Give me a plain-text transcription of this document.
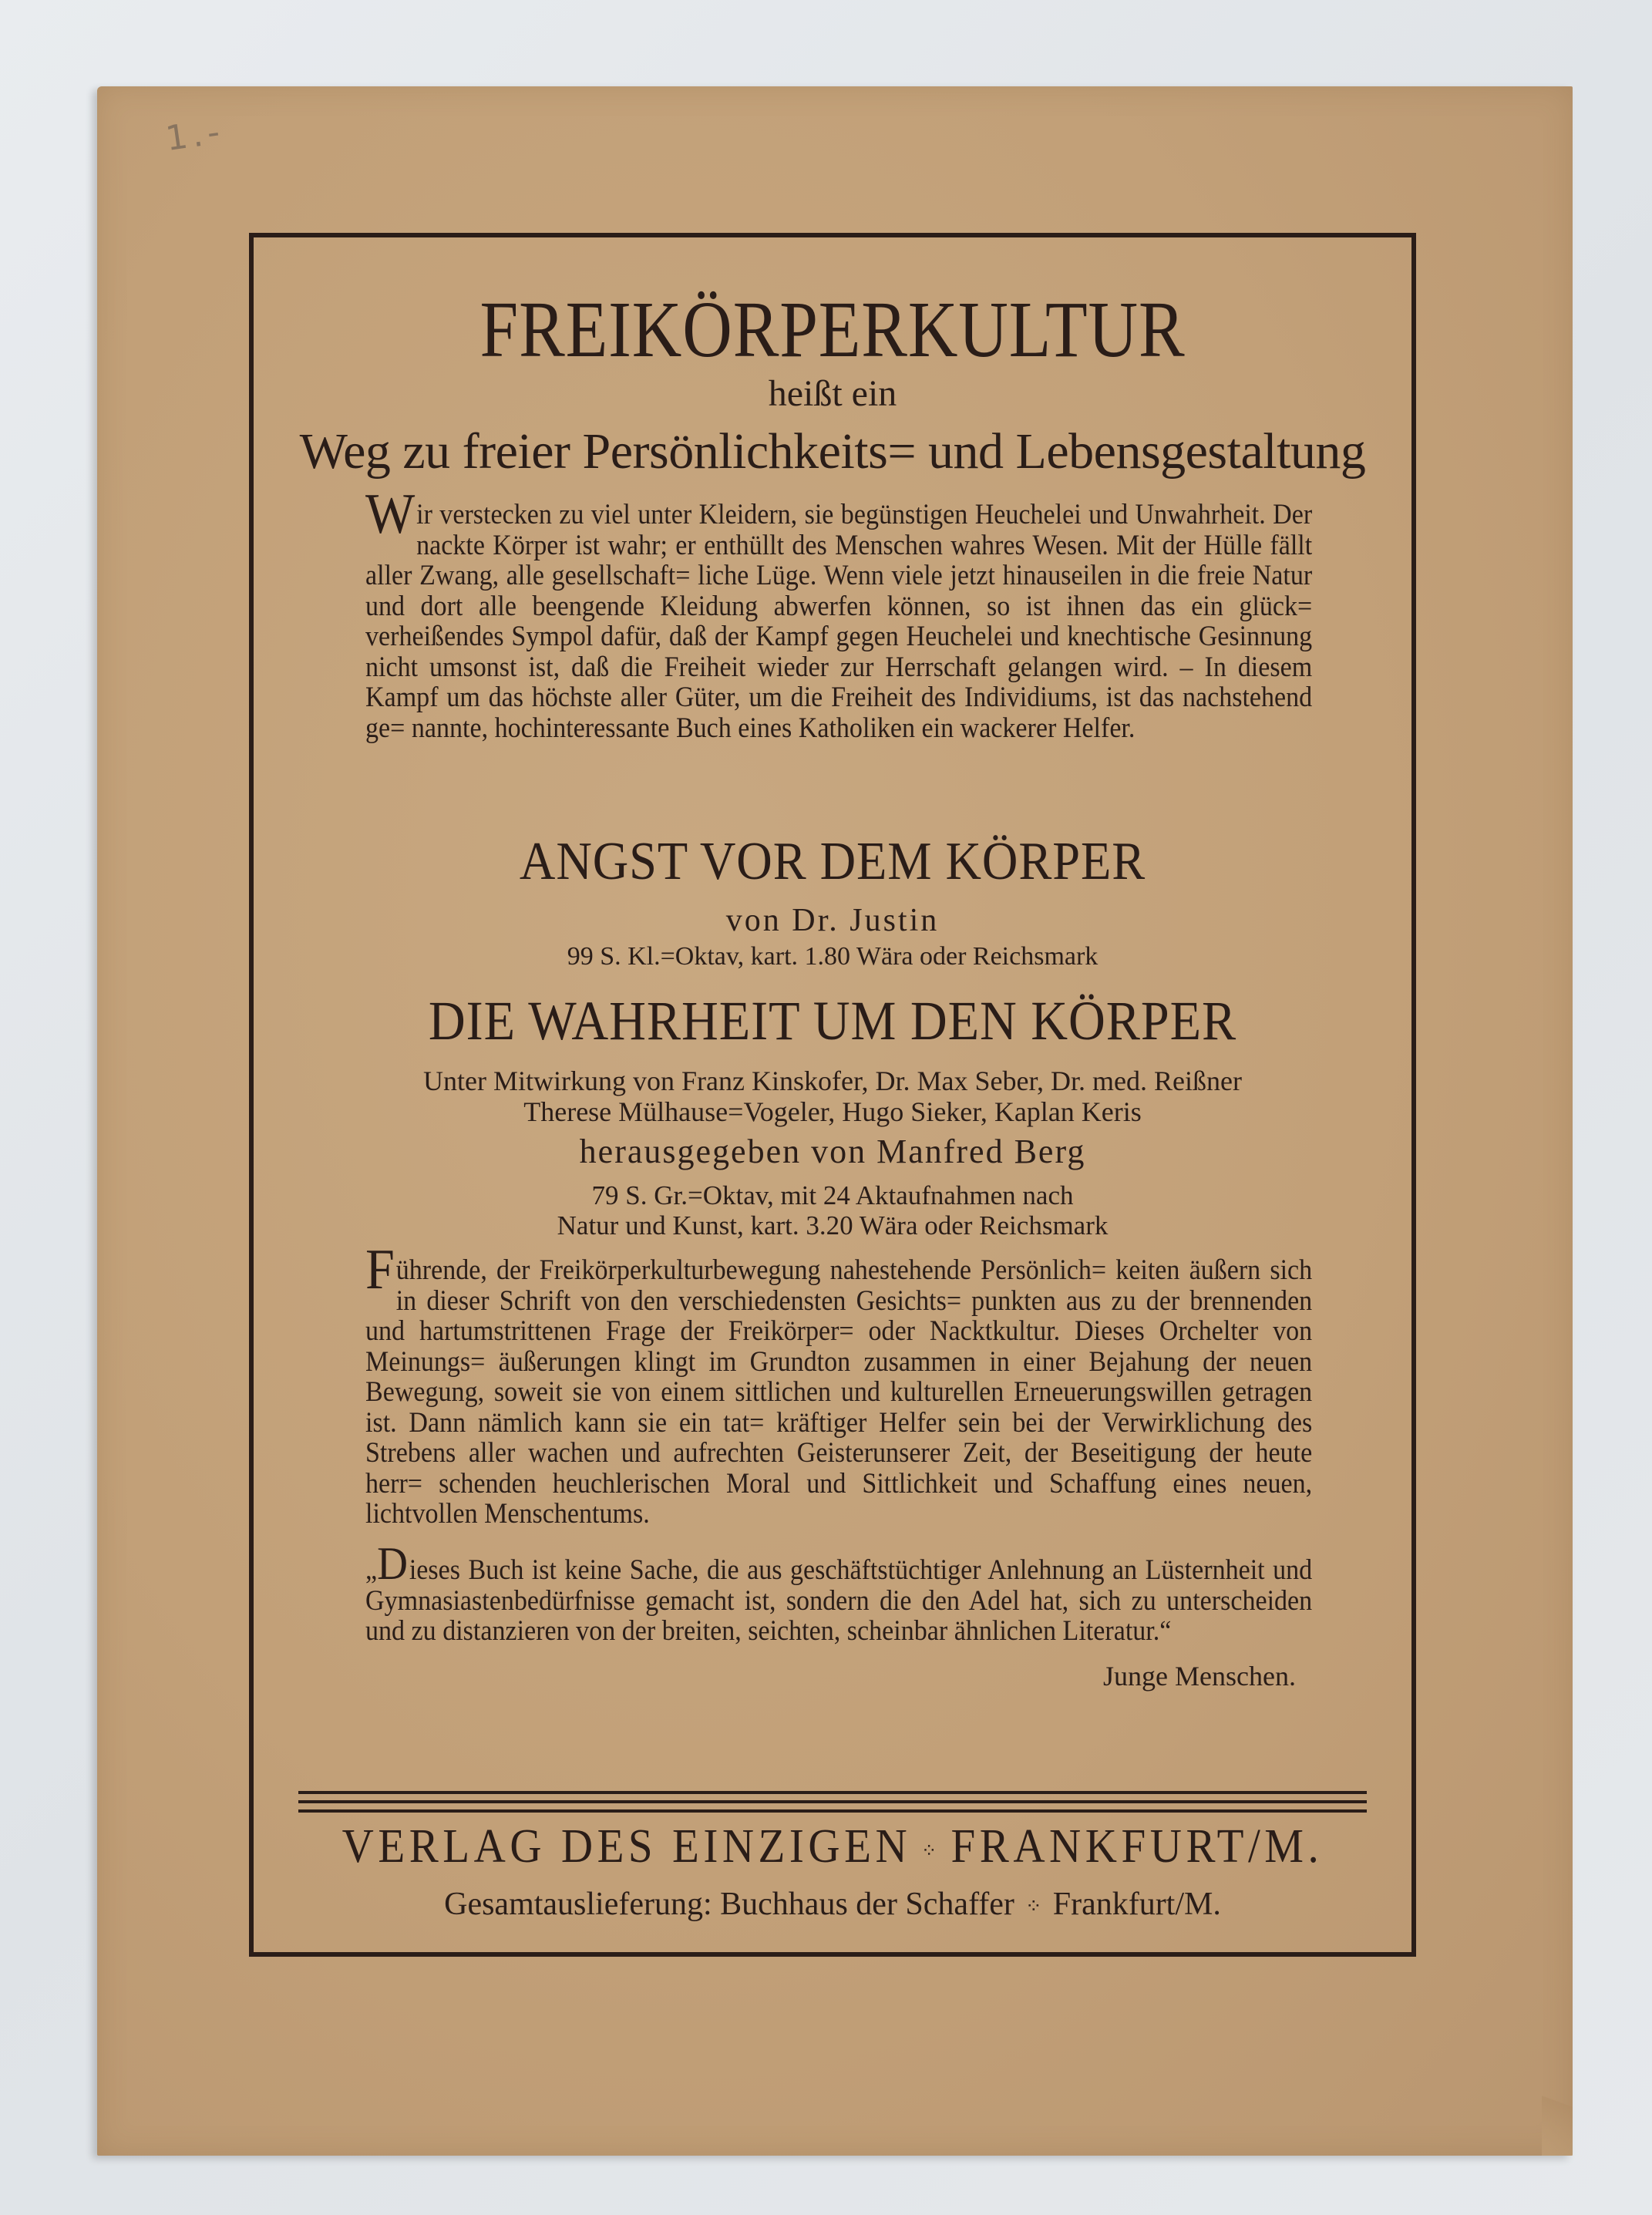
1.-
FREIKÖRPERKULTUR
heißt ein
Weg zu freier Persönlichkeits= und Lebensgestaltung

Wir verstecken zu viel unter Kleidern, sie begünstigen Heuchelei und Unwahrheit. Der nackte Körper ist wahr; er enthüllt des Menschen wahres Wesen. Mit der Hülle fällt aller Zwang, alle gesellschaft= liche Lüge. Wenn viele jetzt hinauseilen in die freie Natur und dort alle beengende Kleidung abwerfen können, so ist ihnen das ein glück= verheißendes Sympol dafür, daß der Kampf gegen Heuchelei und knechtische Gesinnung nicht umsonst ist, daß die Freiheit wieder zur Herrschaft gelangen wird. – In diesem Kampf um das höchste aller Güter, um die Freiheit des Individiums, ist das nachstehend ge= nannte, hochinteressante Buch eines Katholiken ein wackerer Helfer.

ANGST VOR DEM KÖRPER
von Dr. Justin
99 S. Kl.=Oktav, kart. 1.80 Wära oder Reichsmark
DIE WAHRHEIT UM DEN KÖRPER
Unter Mitwirkung von Franz Kinskofer, Dr. Max Seber, Dr. med. Reißner
Therese Mülhause=Vogeler, Hugo Sieker, Kaplan Keris
herausgegeben von Manfred Berg
79 S. Gr.=Oktav, mit 24 Aktaufnahmen nach
Natur und Kunst, kart. 3.20 Wära oder Reichsmark

Führende, der Freikörperkulturbewegung nahestehende Persönlich= keiten äußern sich in dieser Schrift von den verschiedensten Gesichts= punkten aus zu der brennenden und hartumstrittenen Frage der Freikörper= oder Nacktkultur. Dieses Orchelter von Meinungs= äußerungen klingt im Grundton zusammen in einer Bejahung der neuen Bewegung, soweit sie von einem sittlichen und kulturellen Erneuerungswillen getragen ist. Dann nämlich kann sie ein tat= kräftiger Helfer sein bei der Verwirklichung des Strebens aller wachen und aufrechten Geisterunserer Zeit, der Beseitigung der heute herr= schenden heuchlerischen Moral und Sittlichkeit und Schaffung eines neuen, lichtvollen Menschentums.

„Dieses Buch ist keine Sache, die aus geschäftstüchtiger Anlehnung an Lüsternheit und Gymnasiastenbedürfnisse gemacht ist, sondern die den Adel hat, sich zu unterscheiden und zu distanzieren von der breiten, seichten, scheinbar ähnlichen Literatur.“

Junge Menschen.
VERLAG DES EINZIGEN ⁘ FRANKFURT/M.
Gesamtauslieferung: Buchhaus der Schaffer ⁘ Frankfurt/M.
